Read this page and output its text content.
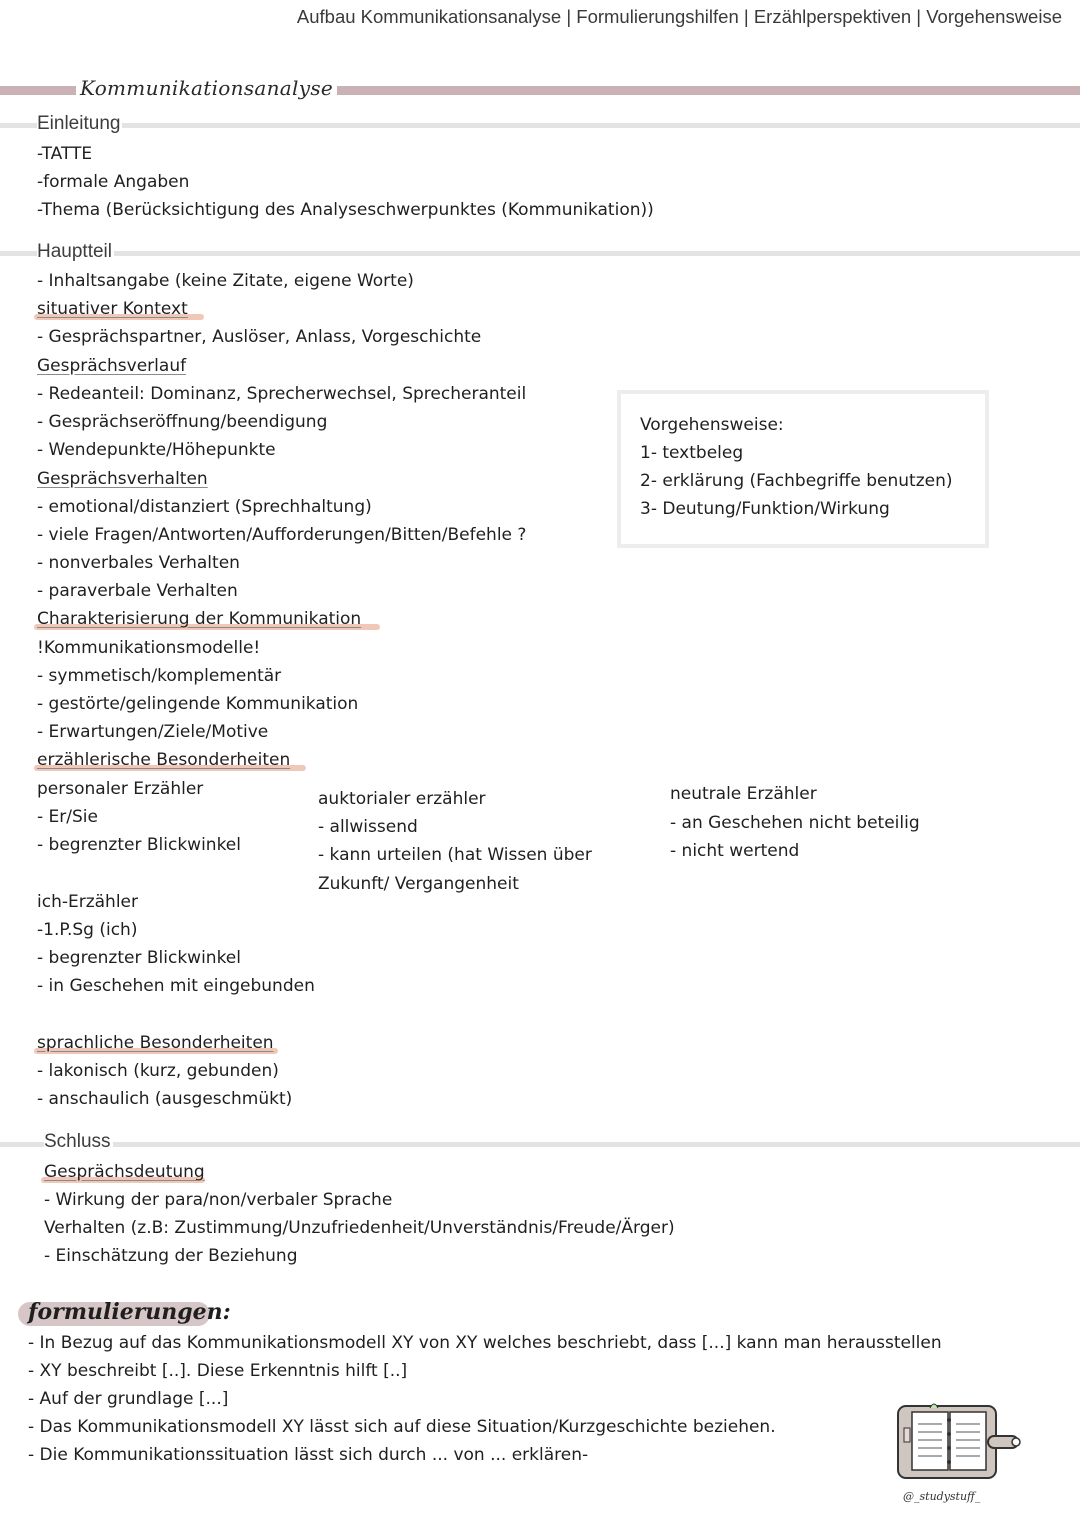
Aufbau Kommunikationsanalyse | Formulierungshilfen | Erzählperspektiven | Vorgehensweise
Kommunikationsanalyse
Einleitung
-TATTE
-formale Angaben
-Thema (Berücksichtigung des Analyseschwerpunktes (Kommunikation))
Hauptteil
- Inhaltsangabe (keine Zitate, eigene Worte)
situativer Kontext
- Gesprächspartner, Auslöser, Anlass, Vorgeschichte
Gesprächsverlauf
- Redeanteil: Dominanz, Sprecherwechsel, Sprecheranteil
- Gesprächseröffnung/beendigung
- Wendepunkte/Höhepunkte
Gesprächsverhalten
- emotional/distanziert (Sprechhaltung)
- viele Fragen/Antworten/Aufforderungen/Bitten/Befehle ?
- nonverbales Verhalten
- paraverbale Verhalten
Charakterisierung der Kommunikation
!Kommunikationsmodelle!
- symmetisch/komplementär
- gestörte/gelingende Kommunikation
- Erwartungen/Ziele/Motive
erzählerische Besonderheiten
personaler Erzähler
- Er/Sie
- begrenzter Blickwinkel
auktorialer erzähler
- allwissend
- kann urteilen (hat Wissen über
Zukunft/ Vergangenheit
neutrale Erzähler
- an Geschehen nicht beteilig
- nicht wertend
ich-Erzähler
-1.P.Sg (ich)
- begrenzter Blickwinkel
- in Geschehen mit eingebunden
sprachliche Besonderheiten
- lakonisch (kurz, gebunden)
- anschaulich (ausgeschmükt)
Vorgehensweise:
1- textbeleg
2- erklärung (Fachbegriffe benutzen)
3- Deutung/Funktion/Wirkung
Schluss
Gesprächsdeutung
- Wirkung der para/non/verbaler Sprache
Verhalten (z.B: Zustimmung/Unzufriedenheit/Unverständnis/Freude/Ärger)
- Einschätzung der Beziehung
formulierungen:
- In Bezug auf das Kommunikationsmodell XY von XY welches beschriebt, dass [...] kann man herausstellen
- XY beschreibt [..]. Diese Erkenntnis hilft [..]
- Auf der grundlage [...]
- Das Kommunikationsmodell XY lässt sich auf diese Situation/Kurzgeschichte beziehen.
- Die Kommunikationssituation lässt sich durch ... von ... erklären-
@_studystuff_
